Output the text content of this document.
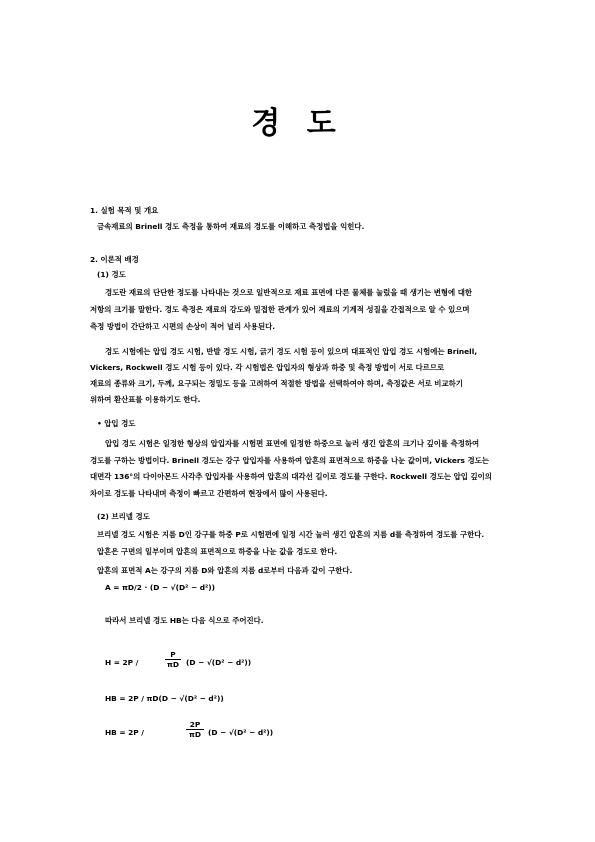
경 도
1. 실험 목적 및 개요
금속재료의 Brinell 경도 측정을 통하여 재료의 경도를 이해하고 측정법을 익힌다.
2. 이론적 배경
(1) 경도
경도란 재료의 단단한 정도를 나타내는 것으로 일반적으로 재료 표면에 다른 물체를 눌렀을 때 생기는 변형에 대한
저항의 크기를 말한다. 경도 측정은 재료의 강도와 밀접한 관계가 있어 재료의 기계적 성질을 간접적으로 알 수 있으며
측정 방법이 간단하고 시편의 손상이 적어 널리 사용된다.
경도 시험에는 압입 경도 시험, 반발 경도 시험, 긁기 경도 시험 등이 있으며 대표적인 압입 경도 시험에는 Brinell,
Vickers, Rockwell 경도 시험 등이 있다. 각 시험법은 압입자의 형상과 하중 및 측정 방법이 서로 다르므로
재료의 종류와 크기, 두께, 요구되는 정밀도 등을 고려하여 적절한 방법을 선택하여야 하며, 측정값은 서로 비교하기
위하여 환산표를 이용하기도 한다.
• 압입 경도
압입 경도 시험은 일정한 형상의 압입자를 시험편 표면에 일정한 하중으로 눌러 생긴 압흔의 크기나 깊이를 측정하여
경도를 구하는 방법이다. Brinell 경도는 강구 압입자를 사용하여 압흔의 표면적으로 하중을 나눈 값이며, Vickers 경도는
대면각 136°의 다이아몬드 사각추 압입자를 사용하여 압흔의 대각선 길이로 경도를 구한다. Rockwell 경도는 압입 깊이의
차이로 경도를 나타내며 측정이 빠르고 간편하여 현장에서 많이 사용된다.
(2) 브리넬 경도
브리넬 경도 시험은 지름 D인 강구를 하중 P로 시험편에 일정 시간 눌러 생긴 압흔의 지름 d를 측정하여 경도를 구한다.
압흔은 구면의 일부이며 압흔의 표면적으로 하중을 나눈 값을 경도로 한다.
압흔의 표면적 A는 강구의 지름 D와 압흔의 지름 d로부터 다음과 같이 구한다.
A = πD/2 · (D − √(D² − d²))
따라서 브리넬 경도 HB는 다음 식으로 주어진다.
H = 2P /
P
πD (D − √(D² − d²))
HB = 2P / πD(D − √(D² − d²))
HB = 2P /
2P
πD (D − √(D² − d²))
